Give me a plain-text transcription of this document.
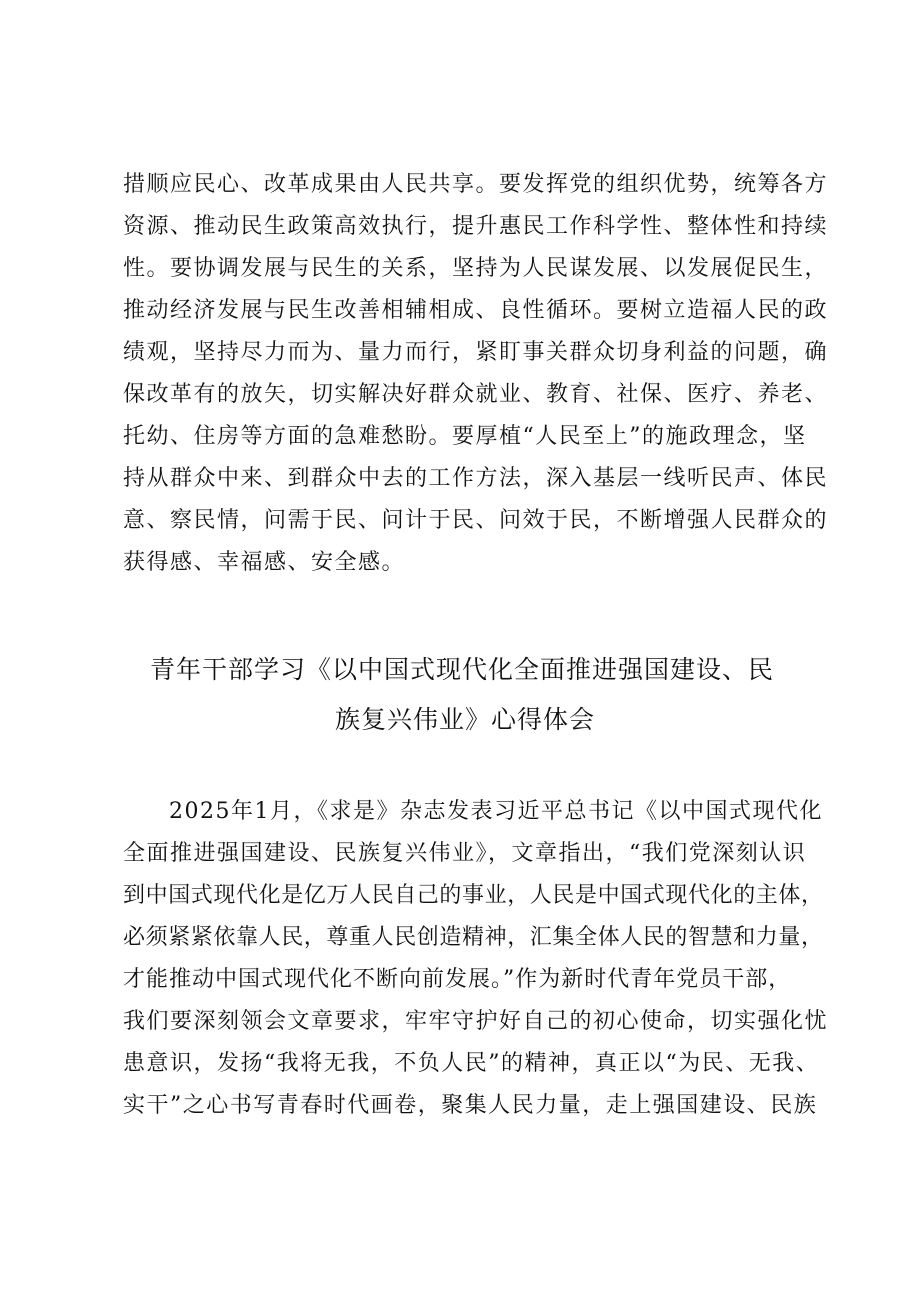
措顺应民心、改革成果由人民共享。要发挥党的组织优势，统筹各方
资源、推动民生政策高效执行，提升惠民工作科学性、整体性和持续
性。要协调发展与民生的关系，坚持为人民谋发展、以发展促民生，
推动经济发展与民生改善相辅相成、良性循环。要树立造福人民的政
绩观，坚持尽力而为、量力而行，紧盯事关群众切身利益的问题，确
保改革有的放矢，切实解决好群众就业、教育、社保、医疗、养老、
托幼、住房等方面的急难愁盼。要厚植“人民至上”的施政理念，坚
持从群众中来、到群众中去的工作方法，深入基层一线听民声、体民
意、察民情，问需于民、问计于民、问效于民，不断增强人民群众的
获得感、幸福感、安全感。
青年干部学习《以中国式现代化全面推进强国建设、民
族复兴伟业》心得体会
2025年1月，《求是》杂志发表习近平总书记《以中国式现代化
全面推进强国建设、民族复兴伟业》，文章指出，“我们党深刻认识
到中国式现代化是亿万人民自己的事业，人民是中国式现代化的主体，
必须紧紧依靠人民，尊重人民创造精神，汇集全体人民的智慧和力量，
才能推动中国式现代化不断向前发展。”作为新时代青年党员干部，
我们要深刻领会文章要求，牢牢守护好自己的初心使命，切实强化忧
患意识，发扬“我将无我，不负人民”的精神，真正以“为民、无我、
实干”之心书写青春时代画卷，聚集人民力量，走上强国建设、民族
